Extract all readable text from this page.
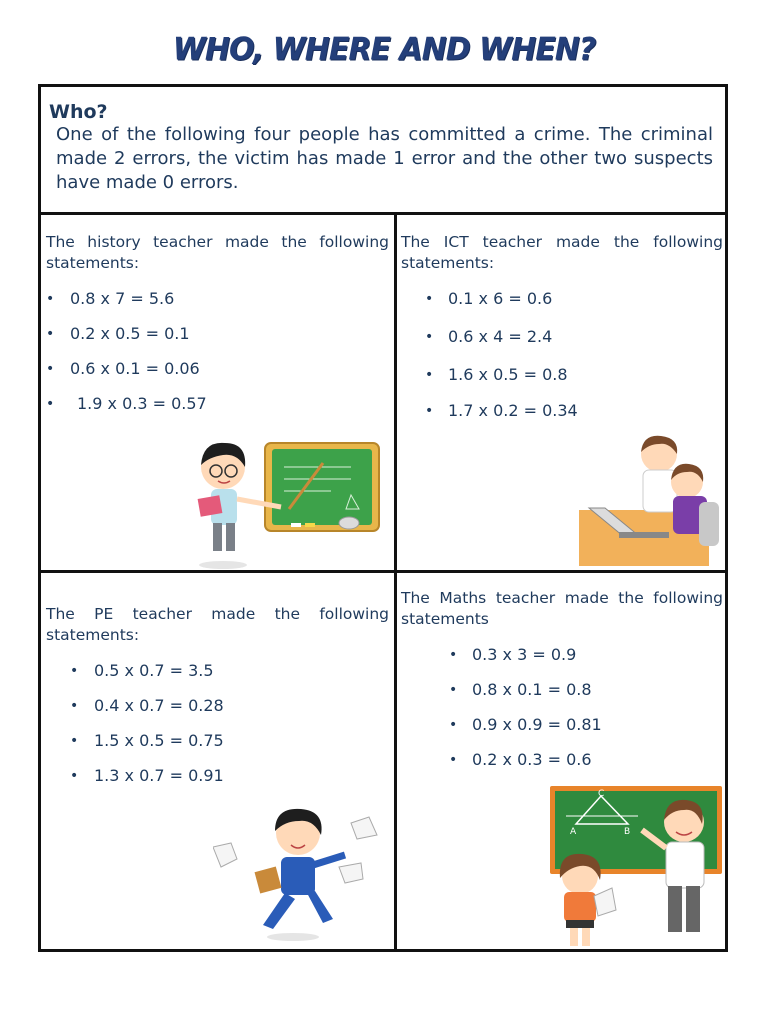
WHO, WHERE AND WHEN?
Who?
One of the following four people has committed a crime. The criminal made 2 errors, the victim has made 1 error and the other two suspects have made 0 errors.
The history teacher made the following statements:
• 0.8 x 7 = 5.6
• 0.2 x 0.5 = 0.1
• 0.6 x 0.1 = 0.06
• 1.9 x 0.3 = 0.57
The ICT teacher made the following statements:
• 0.1 x 6 = 0.6
• 0.6 x 4 = 2.4
• 1.6 x 0.5 = 0.8
• 1.7 x 0.2 = 0.34
The PE teacher made the following statements:
• 0.5 x 0.7 = 3.5
• 0.4 x 0.7 = 0.28
• 1.5 x 0.5 = 0.75
• 1.3 x 0.7 = 0.91
The Maths teacher made the following statements
• 0.3 x 3 = 0.9
• 0.8 x 0.1 = 0.8
• 0.9 x 0.9 = 0.81
• 0.2 x 0.3 = 0.6
C
A	B
